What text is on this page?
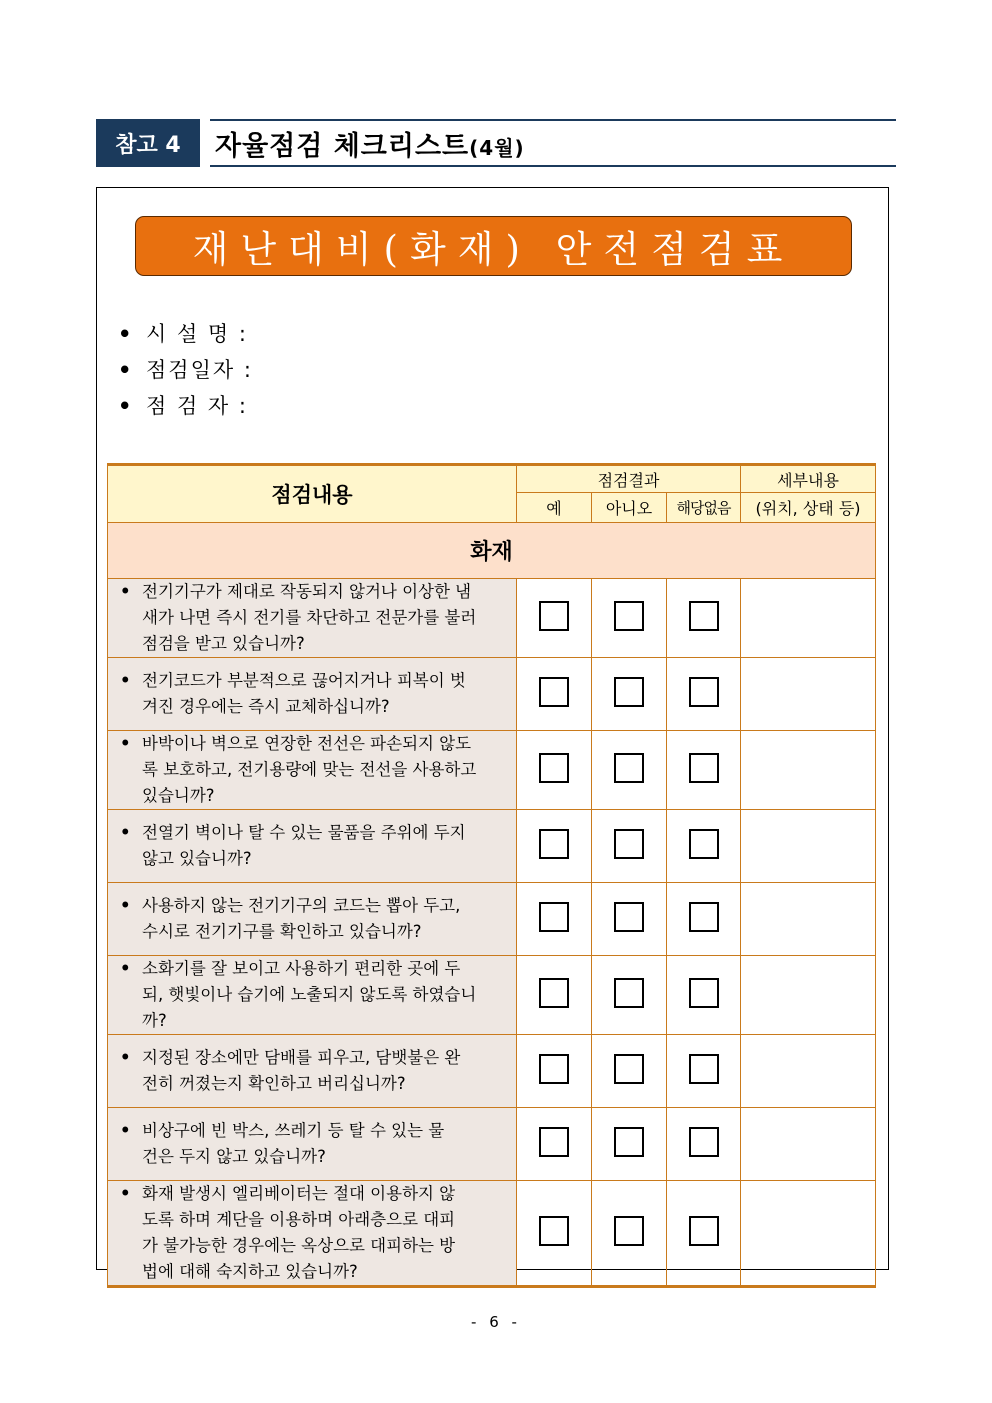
참고 4	자율점검 체크리스트(4월)
재난대비(화재) 안전점검표
• 시 설 명 :
• 점검일자 :
• 점 검 자 :
점검내용	점검결과			세부내용
	예	아니오	해당없음	(위치, 상태 등)
화재				

• 전기기구가 제대로 작동되지 않거나 이상한 냄
새가 나면 즉시 전기를 차단하고 전문가를 불러
점검을 받고 있습니까?				

• 전기코드가 부분적으로 끊어지거나 피복이 벗
겨진 경우에는 즉시 교체하십니까?				

• 바박이나 벽으로 연장한 전선은 파손되지 않도
록 보호하고, 전기용량에 맞는 전선을 사용하고
있습니까?				

• 전열기 벽이나 탈 수 있는 물품을 주위에 두지
않고 있습니까?				

• 사용하지 않는 전기기구의 코드는 뽑아 두고,
수시로 전기기구를 확인하고 있습니까?				

• 소화기를 잘 보이고 사용하기 편리한 곳에 두
되, 햇빛이나 습기에 노출되지 않도록 하였습니
까?				

• 지정된 장소에만 담배를 피우고, 담뱃불은 완
전히 꺼졌는지 확인하고 버리십니까?				

• 비상구에 빈 박스, 쓰레기 등 탈 수 있는 물
건은 두지 않고 있습니까?				

• 화재 발생시 엘리베이터는 절대 이용하지 않
도록 하며 계단을 이용하며 아래층으로 대피
가 불가능한 경우에는 옥상으로 대피하는 방
법에 대해 숙지하고 있습니까?				

- 6 -
